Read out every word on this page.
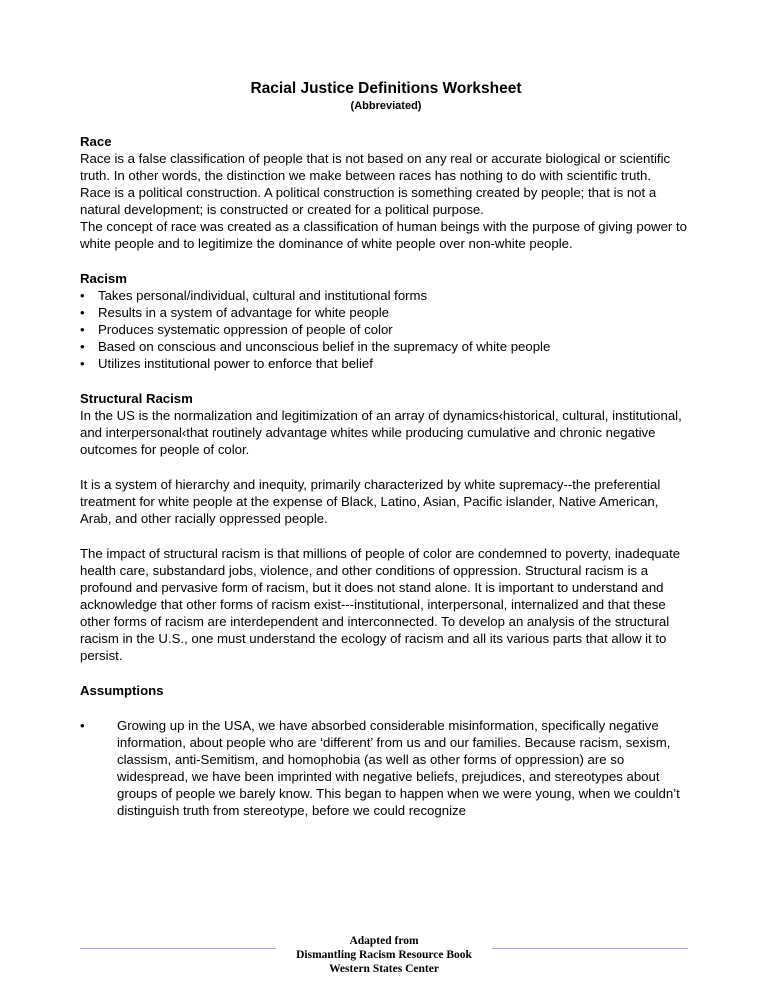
Racial Justice Definitions Worksheet

(Abbreviated)

Race

Race is a false classification of people that is not based on any real or accurate biological or scientific truth. In other words, the distinction we make between races has nothing to do with scientific truth.

Race is a political construction. A political construction is something created by people; that is not a natural development; is constructed or created for a political purpose.

The concept of race was created as a classification of human beings with the purpose of giving power to white people and to legitimize the dominance of white people over non-white people.

Racism

•	Takes personal/individual, cultural and institutional forms
•	Results in a system of advantage for white people
•	Produces systematic oppression of people of color
•	Based on conscious and unconscious belief in the supremacy of white people
•	Utilizes institutional power to enforce that belief

Structural Racism

In the US is the normalization and legitimization of an array of dynamics‹historical, cultural, institutional, and interpersonal‹that routinely advantage whites while producing cumulative and chronic negative outcomes for people of color.

It is a system of hierarchy and inequity, primarily characterized by white supremacy--the preferential treatment for white people at the expense of Black, Latino, Asian, Pacific islander, Native American, Arab, and other racially oppressed people.

The impact of structural racism is that millions of people of color are condemned to poverty, inadequate health care, substandard jobs, violence, and other conditions of oppression. Structural racism is a profound and pervasive form of racism, but it does not stand alone. It is important to understand and acknowledge that other forms of racism exist---institutional, interpersonal, internalized and that these other forms of racism are interdependent and interconnected. To develop an analysis of the structural racism in the U.S., one must understand the ecology of racism and all its various parts that allow it to persist.

Assumptions

• Growing up in the USA, we have absorbed considerable misinformation, specifically negative information, about people who are ‘different’ from us and our families. Because racism, sexism, classism, anti-Semitism, and homophobia (as well as other forms of oppression) are so widespread, we have been imprinted with negative beliefs, prejudices, and stereotypes about groups of people we barely know. This began to happen when we were young, when we couldn’t distinguish truth from stereotype, before we could recognize
Adapted from
Dismantling Racism Resource Book
Western States Center
